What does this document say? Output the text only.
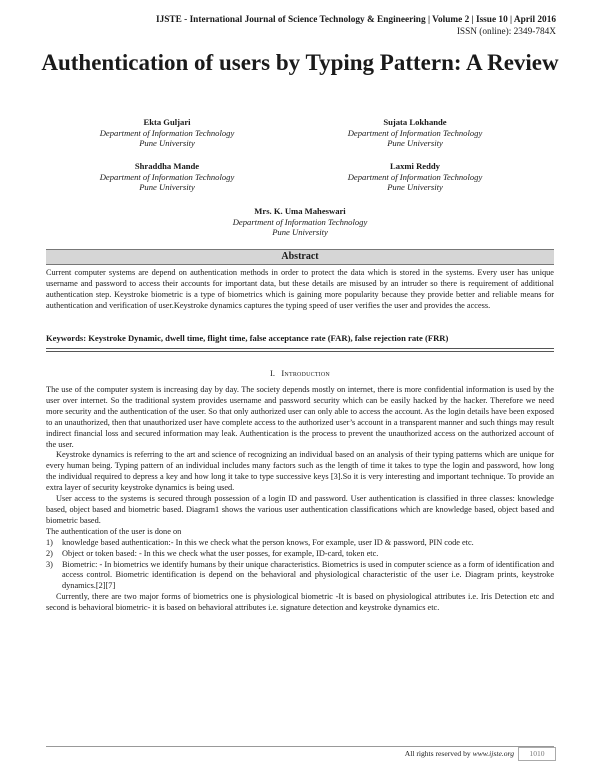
IJSTE - International Journal of Science Technology & Engineering | Volume 2 | Issue 10 | April 2016
ISSN (online): 2349-784X
Authentication of users by Typing Pattern: A Review
Ekta Guljari
Department of Information Technology
Pune University
Sujata Lokhande
Department of Information Technology
Pune University
Shraddha Mande
Department of Information Technology
Pune University
Laxmi Reddy
Department of Information Technology
Pune University
Mrs. K. Uma Maheswari
Department of Information Technology
Pune University
Abstract
Current computer systems are depend on authentication methods in order to protect the data which is stored in the systems. Every user has unique username and password to access their accounts for important data, but these details are misused by an intruder so there is requirement of additional authentication step. Keystroke biometric is a type of biometrics which is gaining more popularity because they provide better and reliable means for authentication and verification of user.Keystroke dynamics captures the typing speed of user verifies the user and provides the access.
Keywords: Keystroke Dynamic, dwell time, flight time, false acceptance rate (FAR), false rejection rate (FRR)
I. Introduction

The use of the computer system is increasing day by day. The society depends mostly on internet, there is more confidential information is used by the user over internet. So the traditional system provides username and password security which can be easily hacked by the hacker. Therefore we need more security and the authentication of the user. So that only authorized user can only able to access the account. As the login details have been exposed to an unauthorized, then that unauthorized user have complete access to the authorized user’s account in a transparent manner and such things may result indirect financial loss and secured information may leak. Authentication is the process to prevent the unauthorized access on the authorized account of the user.

Keystroke dynamics is referring to the art and science of recognizing an individual based on an analysis of their typing patterns which are unique for every human being. Typing pattern of an individual includes many factors such as the length of time it takes to type the login and password, how long the individual required to depress a key and how long it take to type successive keys [3].So it is very interesting and important technique. To provide an extra layer of security keystroke dynamics is being used.

User access to the systems is secured through possession of a login ID and password. User authentication is classified in three classes: knowledge based, object based and biometric based. Diagram1 shows the various user authentication classifications which are knowledge based, object based and biometric based.

The authentication of the user is done on

1)	knowledge based authentication:- In this we check what the person knows, For example, user ID & password, PIN code etc.
2)	Object or token based: - In this we check what the user posses, for example, ID-card, token etc.
3)	Biometric: - In biometrics we identify humans by their unique characteristics. Biometrics is used in computer science as a form of identification and access control. Biometric identification is depend on the behavioral and physiological characteristic of the user i.e. Diagram prints, keystroke dynamics.[2][7]

Currently, there are two major forms of biometrics one is physiological biometric -It is based on physiological attributes i.e. Iris Detection etc and second is behavioral biometric- it is based on behavioral attributes i.e. signature detection and keystroke dynamics etc.

All rights reserved by www.ijste.org	1010
